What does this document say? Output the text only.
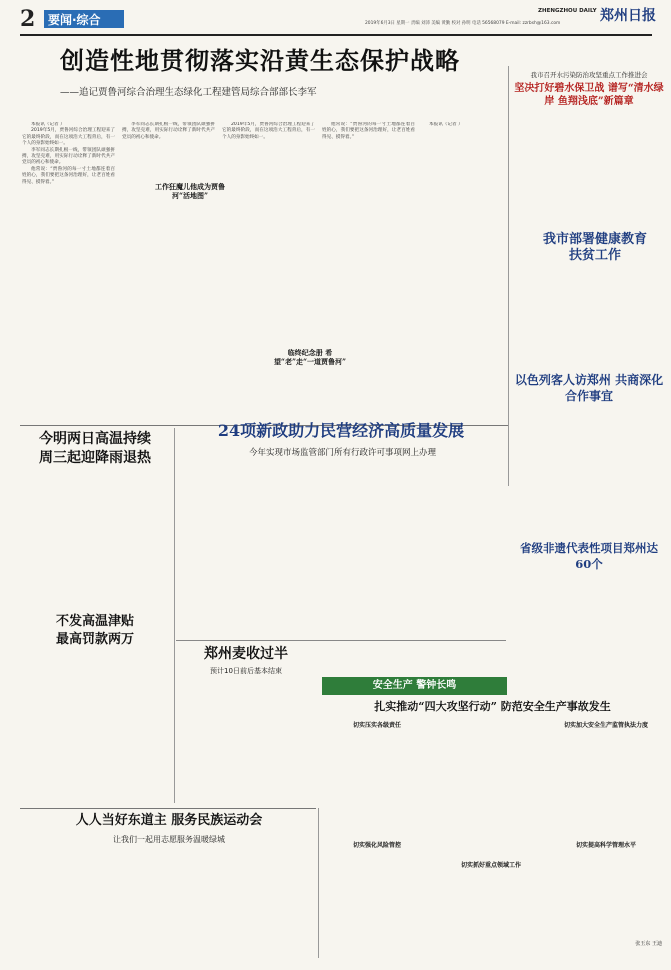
2	要闻·综合	2019年6月3日 星期一 责编 刘沛 美编 黄勤 校对 孙明 电话 56568079 E-mail: zzrbsh@163.com
ZHENGZHOU DAILY 郑州日报
创造性地贯彻落实沿黄生态保护战略
——追记贾鲁河综合治理生态绿化工程建管局综合部部长李军

本报讯（记者 ）

2019年5月，贾鲁河综合治理工程迎来了它的最终阶段，而在这项浩大工程背后，有一个人的身影始终如一。

李军同志长期扎根一线，带领团队顽强拼搏，攻坚克难，用实际行动诠释了新时代共产党员的初心和使命。

他常说：“贾鲁河的每一寸土地都连着百姓的心，我们要把这条河治理好，让老百姓看得见、摸得着。”

李军同志长期扎根一线，带领团队顽强拼搏，攻坚克难，用实际行动诠释了新时代共产党员的初心和使命。

工作狂魔儿他成为贾鲁河“活地图”

2019年5月，贾鲁河综合治理工程迎来了它的最终阶段，而在这项浩大工程背后，有一个人的身影始终如一。

他常说：“贾鲁河的每一寸土地都连着百姓的心，我们要把这条河治理好，让老百姓看得见、摸得着。”

临终纪念册 希望“老”走“一道贾鲁河”

本报讯（记者 ）

我市召开水污染防治攻坚重点工作推进会
坚决打好碧水保卫战 谱写“清水绿岸 鱼翔浅底”新篇章
我市部署健康教育扶贫工作
以色列客人访郑州 共商深化合作事宜
省级非遗代表性项目郑州达60个
今明两日高温持续
周三起迎降雨退热
不发高温津贴
最高罚款两万
24项新政助力民营经济高质量发展
今年实现市场监管部门所有行政许可事项网上办理
郑州麦收过半
预计10日前后基本结束
安全生产 警钟长鸣
扎实推动“四大攻坚行动” 防范安全生产事故发生
切实压实各级责任	切实加大安全生产监管执法力度
切实强化风险管控
切实抓好重点领域工作
切实提高科学管理水平
张玉东 王迪
人人当好东道主 服务民族运动会
让我们一起用志愿服务温暖绿城
